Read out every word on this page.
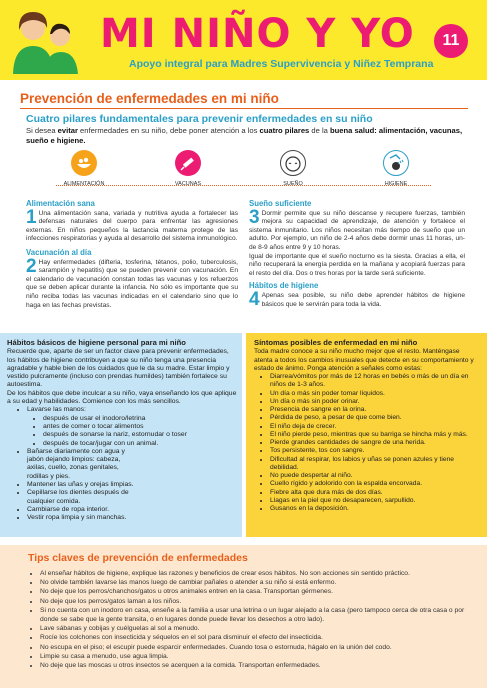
MI NIÑO Y YO
Apoyo integral para Madres Supervivencia y Niñez Temprana
11
Prevención de enfermedades en mi niño
Cuatro pilares fundamentales para prevenir enfermedades en su niño
Si desea evitar enfermedades en su niño, debe poner atención a los cuatro pilares de la buena salud: alimentación, vacunas, sueño e higiene.
ALIMENTACIÓN	VACUNAS	SUEÑO	HIGIENE
Alimentación sana

1 Una alimentación sana, variada y nutritiva ayuda a fortalecer las defensas naturales del cuerpo para enfrentar las agresiones externas. En niños pequeños la lactancia materna protege de las infecciones respiratorias y ayuda al desarrollo del sistema inmunológico.

Vacunación al día

2 Hay enfermedades (difteria, tosferina, tétanos, polio, tuberculosis, sarampión y hepatitis) que se pueden prevenir con vacunación. En el calendario de vacunación constan todas las vacunas y los refuerzos que se deben aplicar durante la infancia. No sólo es importante que su niño reciba todas las vacunas indicadas en el calendario sino que lo haga en las fechas previstas.

Sueño suficiente

3 Dormir permite que su niño descanse y recupere fuerzas, también mejora su capacidad de aprendizaje, de atención y fortalece el sistema inmunitario. Los niños necesitan más tiempo de sueño que un adulto. Por ejemplo, un niño de 2-4 años debe dormir unas 11 horas, un-de 8-9 años entre 9 y 10 horas.

Igual de importante que el sueño nocturno es la siesta. Gracias a ella, el niño recuperará la energía perdida en la mañana y acopiará fuerzas para el resto del día. Dos o tres horas por la tarde será suficiente.

Hábitos de higiene

4 Apenas sea posible, su niño debe aprender hábitos de higiene básicos que le servirán para toda la vida.

Hábitos básicos de higiene personal para mi niño

Recuerde que, aparte de ser un factor clave para prevenir enfermedades, los hábitos de higiene contribuyen a que su niño tenga una presencia agradable y hable bien de los cuidados que le da su madre. Estar limpio y vestido pulcramente (incluso con prendas humildes) también fortalece su autoestima.

De los hábitos que debe inculcar a su niño, vaya enseñando los que aplique a su edad y habilidades. Comience con los más sencillos.

• Lavarse las manos:
• después de usar el inodoro/letrina
• antes de comer o tocar alimentos
• después de sonarse la nariz, estornudar o toser
• después de tocar/jugar con un animal.
• Bañarse diariamente con agua y jabón dejando limpios: cabeza, axilas, cuello, zonas genitales, rodillas y pies.
• Mantener las uñas y orejas limpias.
• Cepillarse los dientes después de cualquier comida.
• Cambiarse de ropa interior.
• Vestir ropa limpia y sin manchas.
Síntomas posibles de enfermedad en mi niño

Toda madre conoce a su niño mucho mejor que el resto. Manténgase atenta a todos los cambios inusuales que detecte en su comportamiento y estado de ánimo. Ponga atención a señales como estas:

• Diarrea/vómitos por más de 12 horas en bebés o más de un día en niños de 1-3 años.
• Un día o más sin poder tomar líquidos.
• Un día o más sin poder orinar.
• Presencia de sangre en la orina.
• Pérdida de peso, a pesar de que come bien.
• El niño deja de crecer.
• El niño pierde peso, mientras que su barriga se hincha más y más.
• Pierde grandes cantidades de sangre de una herida.
• Tos persistente, tos con sangre.
• Dificultad al respirar, los labios y uñas se ponen azules y tiene debilidad.
• No puede despertar al niño.
• Cuello rígido y adolorido con la espalda encorvada.
• Fiebre alta que dura más de dos días.
• Llagas en la piel que no desaparecen, sarpullido.
• Gusanos en la deposición.
Tips claves de prevención de enfermedades
• Al enseñar hábitos de higiene, explique las razones y beneficios de crear esos hábitos. No son acciones sin sentido práctico.
• No olvide también lavarse las manos luego de cambiar pañales o atender a su niño si está enfermo.
• No deje que los perros/chanchos/gatos u otros animales entren en la casa. Transportan gérmenes.
• No deje que los perros/gatos laman a los niños.
• Si no cuenta con un inodoro en casa, enseñe a la familia a usar una letrina o un lugar alejado a la casa (pero tampoco cerca de otra casa o por donde se sabe que la gente transita, o en lugares donde puede llevar los desechos a otro lado).
• Lave sábanas y cobijas y cuélguelas al sol a menudo.
• Rocíe los colchones con insecticida y séquelos en el sol para disminuir el efecto del insecticida.
• No escupa en el piso; el escupir puede esparcir enfermedades. Cuando tosa o estornuda, hágalo en la unión del codo.
• Limpie su casa a menudo, use agua limpia.
• No deje que las moscas u otros insectos se acerquen a la comida. Transportan enfermedades.
